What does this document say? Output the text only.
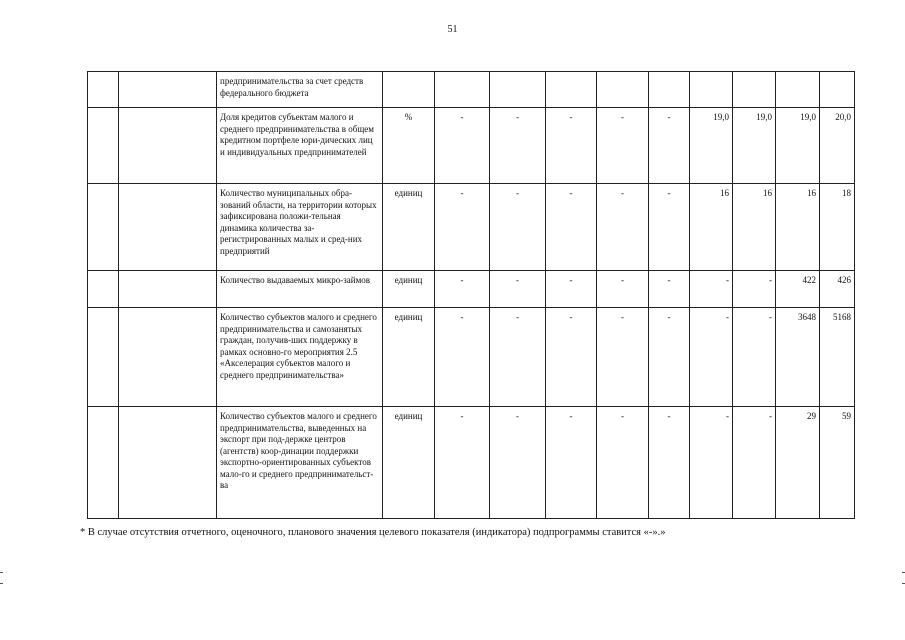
51
		предпринимательства за счет средств федерального бюджета											
		Доля кредитов субъектам малого и среднего предпринимательства в общем кредитном портфеле юри-дических лиц и индивидуальных предпринимателей	%	-	-	-	-	-	19,0	19,0	19,0	20,0	
		Количество муниципальных обра-зований области, на территории которых зафиксирована положи-тельная динамика количества за-регистрированных малых и сред-них предприятий	единиц	-	-	-	-	-	16	16	16	18	
		Количество выдаваемых микро-займов	единиц	-	-	-	-	-	-	-	422	426	
		Количество субъектов малого и среднего предпринимательства и самозанятых граждан, получив-ших поддержку в рамках основно-го мероприятия 2.5 «Акселерация субъектов малого и среднего предпринимательства»	единиц	-	-	-	-	-	-	-	3648	5168	
		Количество субъектов малого и среднего предпринимательства, выведенных на экспорт при под-держке центров (агентств) коор-динации поддержки экспортно-ориентированных субъектов мало-го и среднего предпринимательст-ва	единиц	-	-	-	-	-	-	-	29	59	
* В случае отсутствия отчетного, оценочного, планового значения целевого показателя (индикатора) подпрограммы ставится «-».»
